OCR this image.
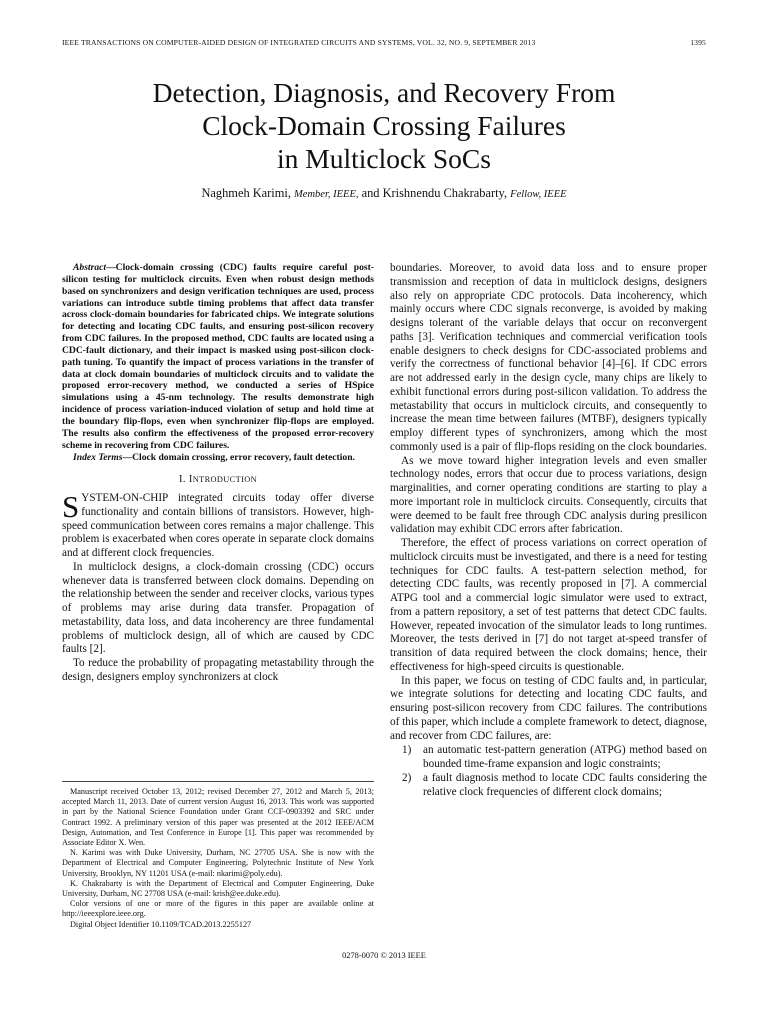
IEEE TRANSACTIONS ON COMPUTER-AIDED DESIGN OF INTEGRATED CIRCUITS AND SYSTEMS, VOL. 32, NO. 9, SEPTEMBER 2013	1395
Detection, Diagnosis, and Recovery From
Clock-Domain Crossing Failures
in Multiclock SoCs
Naghmeh Karimi, Member, IEEE, and Krishnendu Chakrabarty, Fellow, IEEE

Abstract—Clock-domain crossing (CDC) faults require careful post-silicon testing for multiclock circuits. Even when robust design methods based on synchronizers and design verification techniques are used, process variations can introduce subtle timing problems that affect data transfer across clock-domain boundaries for fabricated chips. We integrate solutions for detecting and locating CDC faults, and ensuring post-silicon recovery from CDC failures. In the proposed method, CDC faults are located using a CDC-fault dictionary, and their impact is masked using post-silicon clock-path tuning. To quantify the impact of process variations in the transfer of data at clock domain boundaries of multiclock circuits and to validate the proposed error-recovery method, we conducted a series of HSpice simulations using a 45-nm technology. The results demonstrate high incidence of process variation-induced violation of setup and hold time at the boundary flip-flops, even when synchronizer flip-flops are employed. The results also confirm the effectiveness of the proposed error-recovery scheme in recovering from CDC failures.

Index Terms—Clock domain crossing, error recovery, fault detection.

I. INTRODUCTION

SYSTEM-ON-CHIP integrated circuits today offer diverse functionality and contain billions of transistors. However, high-speed communication between cores remains a major challenge. This problem is exacerbated when cores operate in separate clock domains and at different clock frequencies.

In multiclock designs, a clock-domain crossing (CDC) occurs whenever data is transferred between clock domains. Depending on the relationship between the sender and receiver clocks, various types of problems may arise during data transfer. Propagation of metastability, data loss, and data incoherency are three fundamental problems of multiclock design, all of which are caused by CDC faults [2].

To reduce the probability of propagating metastability through the design, designers employ synchronizers at clock

Manuscript received October 13, 2012; revised December 27, 2012 and March 5, 2013; accepted March 11, 2013. Date of current version August 16, 2013. This work was supported in part by the National Science Foundation under Grant CCF-0903392 and SRC under Contract 1992. A preliminary version of this paper was presented at the 2012 IEEE/ACM Design, Automation, and Test Conference in Europe [1]. This paper was recommended by Associate Editor X. Wen.

N. Karimi was with Duke University, Durham, NC 27705 USA. She is now with the Department of Electrical and Computer Engineering, Polytechnic Institute of New York University, Brooklyn, NY 11201 USA (e-mail: nkarimi@poly.edu).

K. Chakrabarty is with the Department of Electrical and Computer Engineering, Duke University, Durham, NC 27708 USA (e-mail: krish@ee.duke.edu).

Color versions of one or more of the figures in this paper are available online at http://ieeexplore.ieee.org.

Digital Object Identifier 10.1109/TCAD.2013.2255127

boundaries. Moreover, to avoid data loss and to ensure proper transmission and reception of data in multiclock designs, designers also rely on appropriate CDC protocols. Data incoherency, which mainly occurs where CDC signals reconverge, is avoided by making designs tolerant of the variable delays that occur on reconvergent paths [3]. Verification techniques and commercial verification tools enable designers to check designs for CDC-associated problems and verify the correctness of functional behavior [4]–[6]. If CDC errors are not addressed early in the design cycle, many chips are likely to exhibit functional errors during post-silicon validation. To address the metastability that occurs in multiclock circuits, and consequently to increase the mean time between failures (MTBF), designers typically employ different types of synchronizers, among which the most commonly used is a pair of flip-flops residing on the clock boundaries.

As we move toward higher integration levels and even smaller technology nodes, errors that occur due to process variations, design marginalities, and corner operating conditions are starting to play a more important role in multiclock circuits. Consequently, circuits that were deemed to be fault free through CDC analysis during presilicon validation may exhibit CDC errors after fabrication.

Therefore, the effect of process variations on correct operation of multiclock circuits must be investigated, and there is a need for testing techniques for CDC faults. A test-pattern selection method, for detecting CDC faults, was recently proposed in [7]. A commercial ATPG tool and a commercial logic simulator were used to extract, from a pattern repository, a set of test patterns that detect CDC faults. However, repeated invocation of the simulator leads to long runtimes. Moreover, the tests derived in [7] do not target at-speed transfer of transition of data required between the clock domains; hence, their effectiveness for high-speed circuits is questionable.

In this paper, we focus on testing of CDC faults and, in particular, we integrate solutions for detecting and locating CDC faults, and ensuring post-silicon recovery from CDC failures. The contributions of this paper, which include a complete framework to detect, diagnose, and recover from CDC failures, are:

1) an automatic test-pattern generation (ATPG) method based on bounded time-frame expansion and logic constraints;
2) a fault diagnosis method to locate CDC faults considering the relative clock frequencies of different clock domains;
0278-0070 © 2013 IEEE
